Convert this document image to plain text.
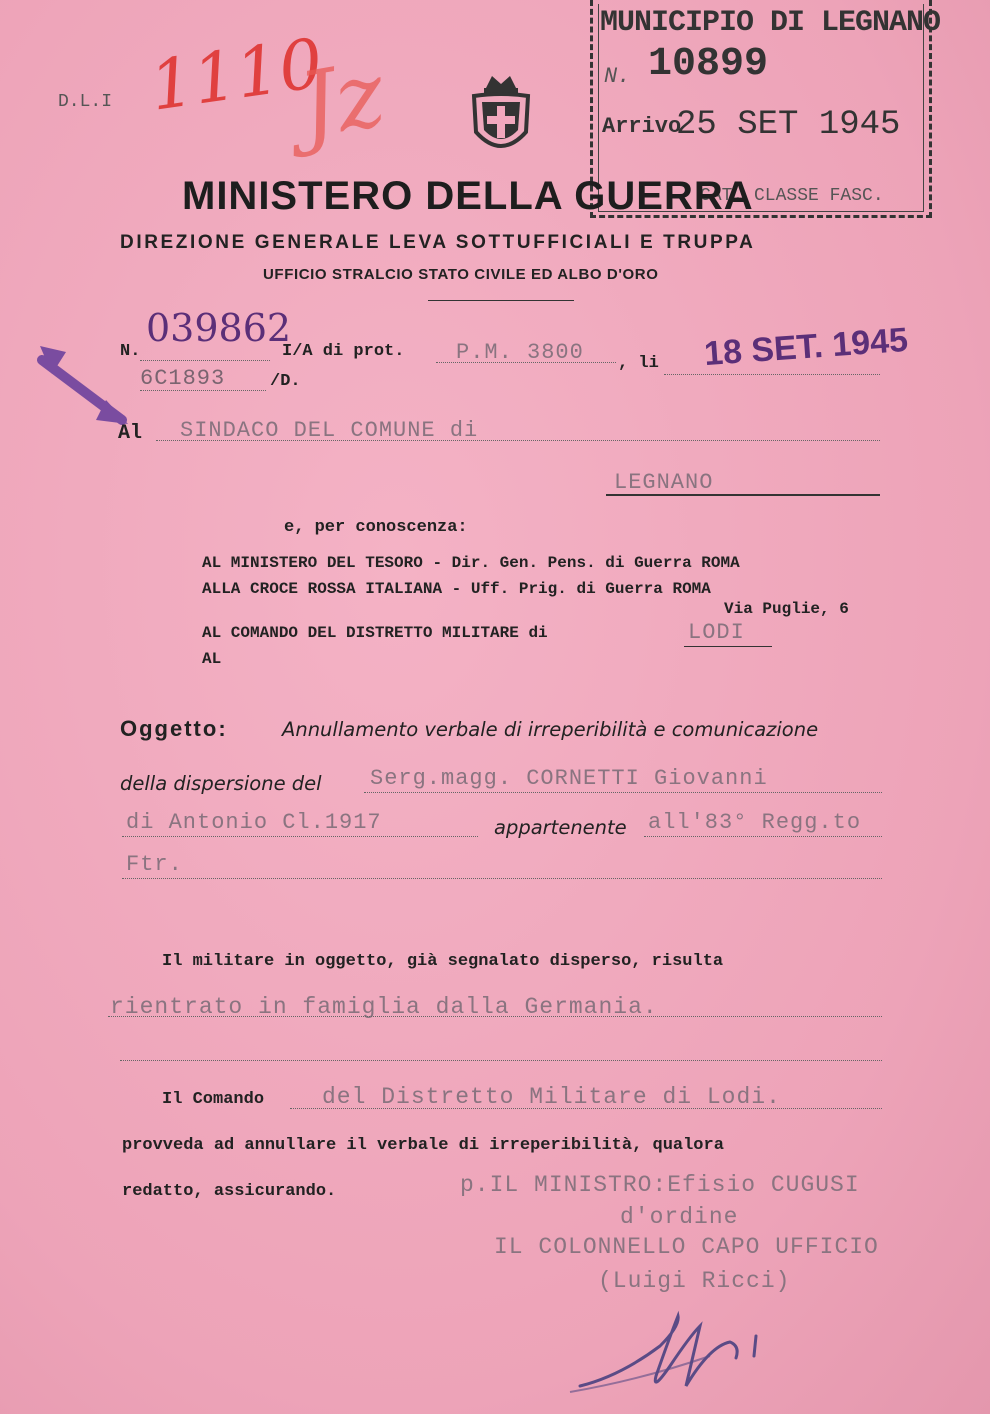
D.L.I 1110
Jz
MUNICIPIO DI LEGNANO
N. 10899
Arrivo
25 SET 1945
CAT. CLASSE FASC.
MINISTERO DELLA GUERRA
DIREZIONE GENERALE LEVA SOTTUFFICIALI E TRUPPA
UFFICIO STRALCIO STATO CIVILE ED ALBO D'ORO
N.
039862
I/A di prot.
6C1893	/D.
P.M. 3800 , li 18 SET. 1945
Al SINDACO DEL COMUNE di
LEGNANO
e, per conoscenza:
AL MINISTERO DEL TESORO - Dir. Gen. Pens. di Guerra ROMA
ALLA CROCE ROSSA ITALIANA - Uff. Prig. di Guerra ROMA
Via Puglie, 6
AL COMANDO DEL DISTRETTO MILITARE di	LODI
AL
Oggetto:	Annullamento verbale di irreperibilità e comunicazione
della dispersione del Serg.magg. CORNETTI Giovanni
di Antonio Cl.1917	appartenente all'83° Regg.to
Ftr.
Il militare in oggetto, già segnalato disperso, risulta
rientrato in famiglia dalla Germania.
Il Comando	del Distretto Militare di Lodi.
provveda ad annullare il verbale di irreperibilità, qualora
redatto, assicurando.	p.IL MINISTRO:Efisio CUGUSI
d'ordine
IL COLONNELLO CAPO UFFICIO
(Luigi Ricci)
